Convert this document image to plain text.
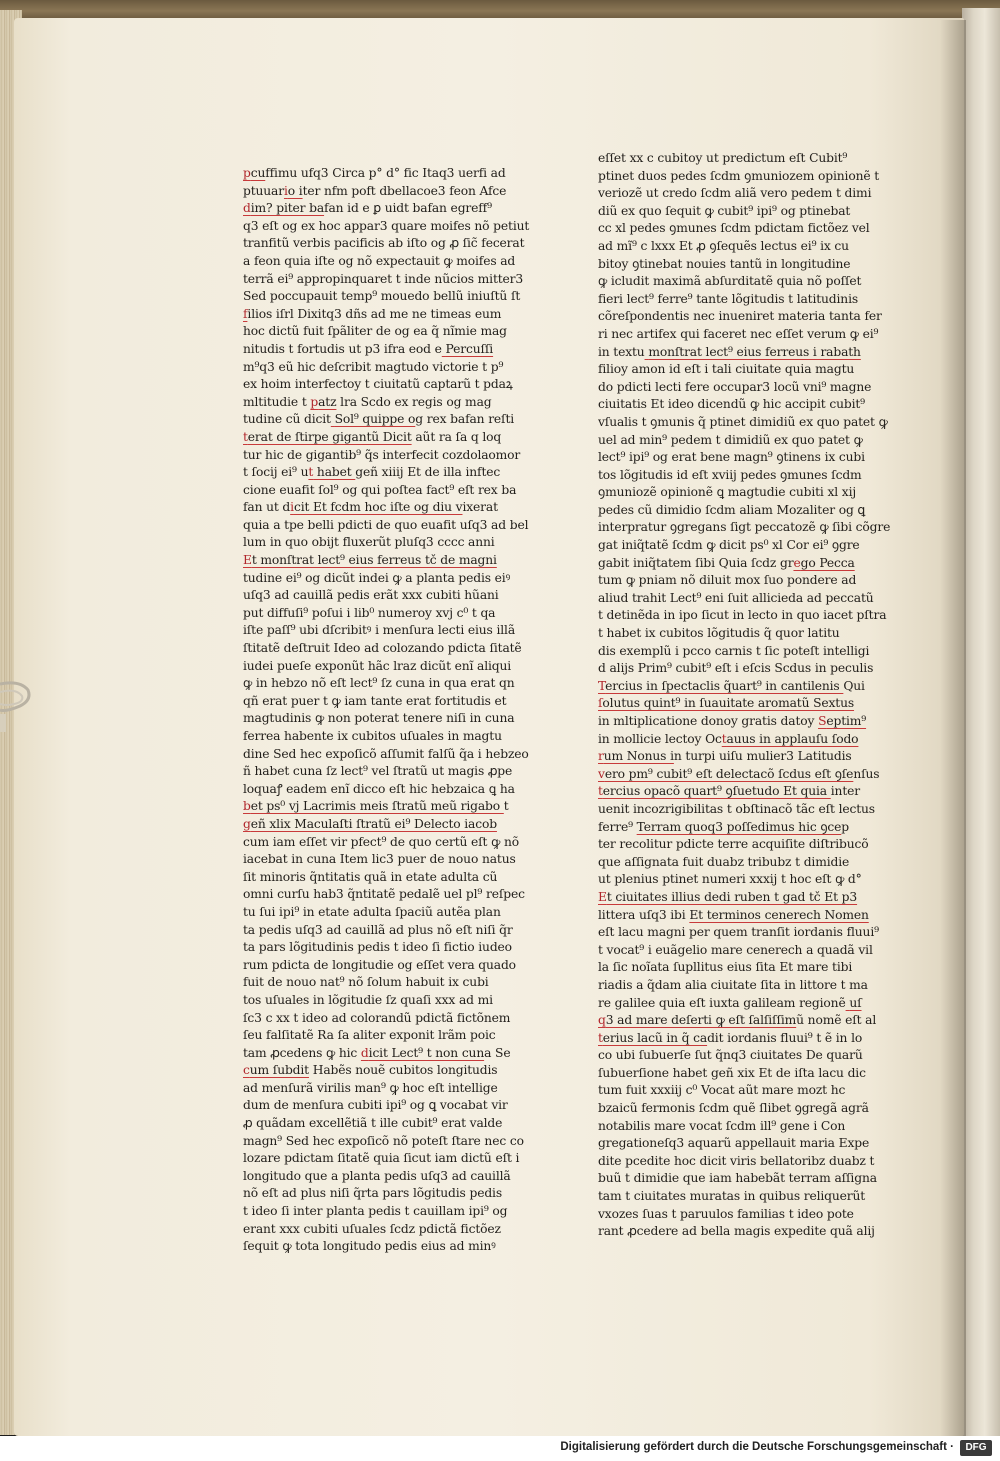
pcuffimu ufq3 Circa p° d° fic Itaq3 uerfi ad

ptuuario iter nfm poft dbellacoe3 feon Afce

dim? piter bafan id e ꝑ uidt bafan egreff⁹

q3 eſt og ex hoc appar3 quare moifes nõ petiut

tranfitũ verbis pacificis ab iſto og ꝓ ſic̃ fecerat

a feon quia iſte og nõ expectauit ꝙ moifes ad

terrã ei⁹ appropinquaret t inde nũcios mitter3

Sed poccupauit temp⁹ mouedo bellũ iniuſtũ ſt

filios iſrl Dixitq3 dñs ad me ne timeas eum

hoc dictũ fuit ſpãliter de og ea q̃ nĩmie mag

nitudis t fortudis ut p3 ifra eod e Percuſſi

m⁹q3 eũ hic deſcribit magtudo victorie t p⁹

ex hoim interfectoy t ciuitatũ captarũ t pdaꝝ

mltitudie t patz lra Scdo ex regis og mag

tudine cũ dicit Sol⁹ quippe og rex bafan reſti

terat de ſtirpe gigantũ Dicit aũt ra ſa q loq

tur hic de gigantib⁹ q̃s interfecit cozdolaomor

t ſocij ei⁹ ut habet geñ xiiij Et de illa inftec

cione euafit ſol⁹ og qui poſtea fact⁹ eſt rex ba

fan ut dicit Et fcdm hoc iſte og diu vixerat

quia a tpe belli pdicti de quo euafit uſq3 ad bel

lum in quo obijt fluxerũt pluſq3 cccc anni

Et monſtrat lect⁹ eius ferreus tč de magni

tudine ei⁹ og dicũt indei ꝙ a planta pedis eiꝰ

uſq3 ad cauillã pedis erãt xxx cubiti hũani

put diffuſi⁹ poſui i lib⁰ numeroy xvj c⁰ t qa

iſte paſſ⁹ ubi dſcribitꝰ i menſura lecti eius illã

ſtitatẽ deſtruit Ideo ad colozando pdicta ſitatẽ

iudei pueſe exponũt hãc lraz dicũt enĩ aliqui

ꝙ in hebzo nõ eſt lect⁹ ſz cuna in qua erat qn

qñ erat puer t ꝙ iam tante erat fortitudis et

magtudinis ꝙ non poterat tenere niſi in cuna

ferrea habente ix cubitos uſuales in magtu

dine Sed hec expoſicõ aſſumit falſũ q̃a i hebzeo

ñ habet cuna ſz lect⁹ vel ſtratũ ut magis ꝓpe

loquaꝭ eadem enĩ dicco eſt hic hebzaica ꝗ ha

bet ps⁰ vj Lacrimis meis ſtratũ meũ rigabo t

geñ xlix Maculaſti ſtratũ ei⁹ Delecto iacob

cum iam eſſet vir pfect⁹ de quo certũ eſt ꝙ nõ

iacebat in cuna Item lic3 puer de nouo natus

ſit minoris q̃ntitatis quã in etate adulta cũ

omni curſu hab3 q̃ntitatẽ pedalẽ uel pl⁹ reſpec

tu ſui ipi⁹ in etate adulta ſpaciũ autẽa plan

ta pedis uſq3 ad cauillã ad plus nõ eſt niſi q̃r

ta pars lõgitudinis pedis t ideo ſi fictio iudeo

rum pdicta de longitudie og eſſet vera quado

fuit de nouo nat⁹ nõ ſolum habuit ix cubi

tos uſuales in lõgitudie ſz quaſi xxx ad mi

ſc3 c xx t ideo ad colorandũ pdictã fictõnem

ſeu falſitatẽ Ra ſa aliter exponit lrãm poic

tam ꝓcedens ꝙ hic dicit Lect⁹ t non cuna Se

cum ſubdit Habẽs nouẽ cubitos longitudis

ad menſurã virilis man⁹ ꝙ hoc eſt intellige

dum de menſura cubiti ipi⁹ og ꝗ vocabat vir

ꝓ quãdam excellẽtiã t ille cubit⁹ erat valde

magn⁹ Sed hec expoſicõ nõ poteſt ſtare nec co

lozare pdictam ſitatẽ quia ſicut iam dictũ eſt i

longitudo que a planta pedis uſq3 ad cauillã

nõ eſt ad plus niſi q̃rta pars lõgitudis pedis

t ideo ſi inter planta pedis t cauillam ipi⁹ og

erant xxx cubiti uſuales ſcdz pdictã fictõez

ſequit ꝙ tota longitudo pedis eius ad minꝰ

eſſet xx c cubitoy ut predictum eſt Cubit⁹

ptinet duos pedes ſcdm ꝯmuniozem opinionẽ t

veriozẽ ut credo ſcdm aliã vero pedem t dimi

diũ ex quo ſequit ꝙ cubit⁹ ipi⁹ og ptinebat

cc xl pedes ꝯmunes ſcdm pdictam fictõez vel

ad mĩ⁹ c lxxx Et ꝓ ꝯſequẽs lectus ei⁹ ix cu

bitoy ꝯtinebat nouies tantũ in longitudine

ꝙ icludit maximã abſurditatẽ quia nõ poſſet

fieri lect⁹ ferre⁹ tante lõgitudis t latitudinis

cõreſpondentis nec inueniret materia tanta fer

ri nec artifex qui faceret nec eſſet verum ꝙ ei⁹

in textu monſtrat lect⁹ eius ferreus i rabath

filioy amon id eſt i tali ciuitate quia magtu

do pdicti lecti fere occupar3 locũ vni⁹ magne

ciuitatis Et ideo dicendũ ꝙ hic accipit cubit⁹

vſualis t ꝯmunis q̃ ptinet dimidiũ ex quo patet ꝙ

uel ad min⁹ pedem t dimidiũ ex quo patet ꝙ

lect⁹ ipi⁹ og erat bene magn⁹ ꝯtinens ix cubi

tos lõgitudis id eſt xviij pedes ꝯmunes ſcdm

ꝯmuniozẽ opinionẽ ꝗ magtudie cubiti xl xij

pedes cũ dimidio ſcdm aliam Mozaliter og ꝗ

interpratur ꝯgregans ſigt peccatozẽ ꝙ ſibi cõgre

gat iniq̃tatẽ ſcdm ꝙ dicit ps⁰ xl Cor ei⁹ ꝯgre

gabit iniq̃tatem ſibi Quia ſcdz grego Pecca

tum ꝙ pniam nõ diluit mox ſuo pondere ad

aliud trahit Lect⁹ eni ſuit allicieda ad peccatũ

t detinẽda in ipo ſicut in lecto in quo iacet pſtra

t habet ix cubitos lõgitudis q̃ quor latitu

dis exemplũ i pcco carnis t ſic poteſt intelligi

d alijs Prim⁹ cubit⁹ eſt i eſcis Scdus in peculis

Tercius in ſpectaclis q̃uart⁹ in cantilenis Qui

ſolutus quint⁹ in ſuauitate aromatũ Sextus

in mltiplicatione donoy gratis datoy Septim⁹

in mollicie lectoy Octauus in applauſu ſodo

rum Nonus in turpi uiſu mulier3 Latitudis

vero pm⁹ cubit⁹ eſt delectacõ ſcdus eſt ꝯſenſus

tercius opacõ quart⁹ ꝯſuetudo Et quia inter

uenit incozrigibilitas t obſtinacõ tãc eſt lectus

ferre⁹ Terram quoq3 poſſedimus hic ꝯcep

ter recolitur pdicte terre acquiſite diſtribucõ

que aſſignata fuit duabz tribubz t dimidie

ut plenius ptinet numeri xxxij t hoc eſt ꝙ d°

Et ciuitates illius dedi ruben t gad tč Et p3

littera uſq3 ibi Et terminos cenerech Nomen

eſt lacu magni per quem tranſit iordanis fluui⁹

t vocat⁹ i euãgelio mare cenerech a quadã vil

la ſic noĩata ſupllitus eius ſita Et mare tibi

riadis a q̃dam alia ciuitate ſita in littore t ma

re galilee quia eſt iuxta galileam regionẽ uſ

q3 ad mare deſerti ꝙ eſt ſalſiſſimũ nomẽ eſt al

terius lacũ in q̃ cadit iordanis fluui⁹ t ẽ in lo

co ubi ſubuerſe ſut q̃nq3 ciuitates De quarũ

ſubuerſione habet geñ xix Et de iſta lacu dic

tum fuit xxxiij c⁰ Vocat aũt mare mozt hc

bzaicũ fermonis ſcdm quẽ ſlibet ꝯgregã agrã

notabilis mare vocat ſcdm ill⁹ gene i Con

gregationeſq3 aquarũ appellauit maria Expe

dite pcedite hoc dicit viris bellatoribz duabz t

buũ t dimidie que iam habebãt terram aſſigna

tam t ciuitates muratas in quibus reliquerũt

vxozes ſuas t paruulos familias t ideo pote

rant ꝓcedere ad bella magis expedite quã alij

Digitalisierung gefördert durch die Deutsche Forschungsgemeinschaft ·	DFG
